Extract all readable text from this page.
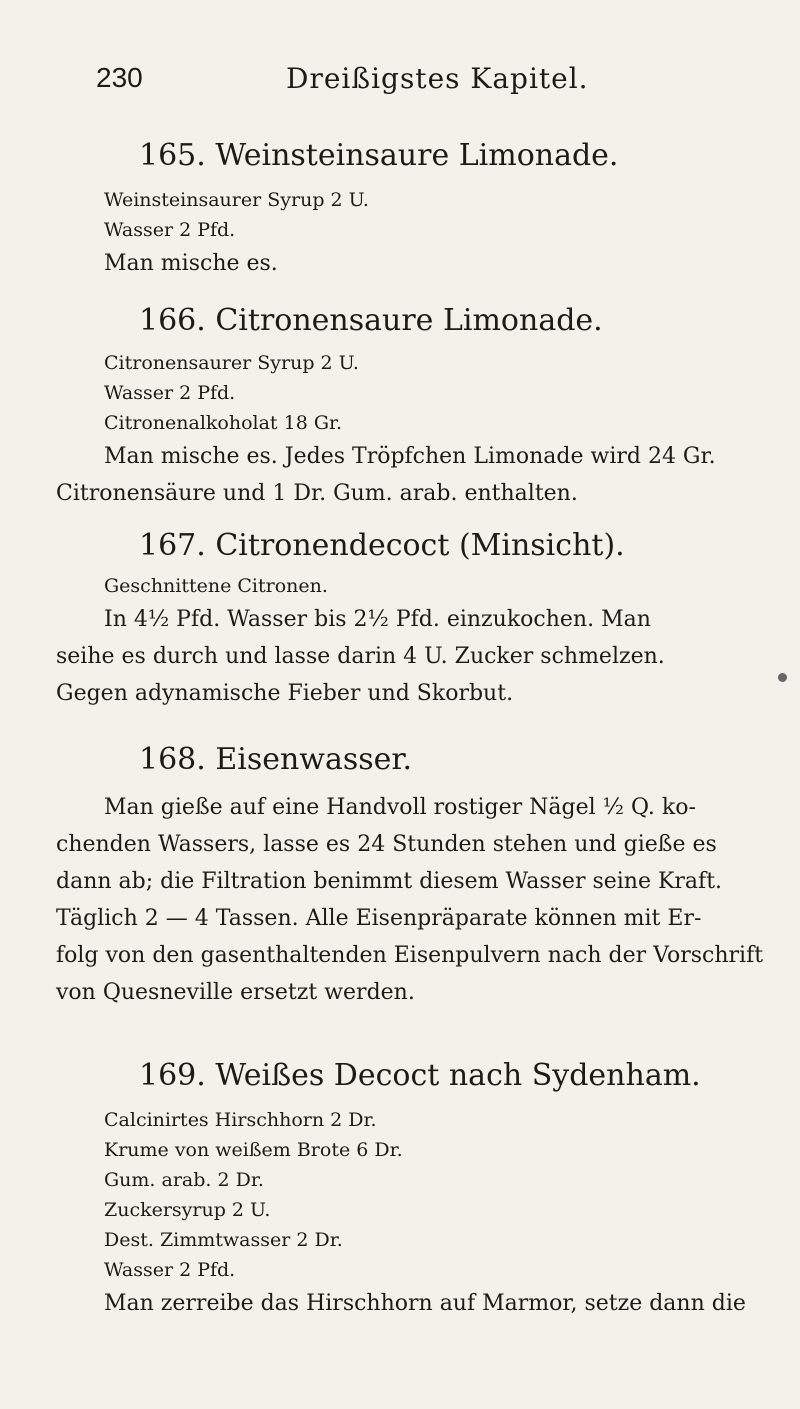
230	Dreißigstes Kapitel.
165. Weinsteinsaure Limonade.
Weinsteinsaurer Syrup 2 U.
Wasser 2 Pfd.

Man mische es.

166. Citronensaure Limonade.
Citronensaurer Syrup 2 U.
Wasser 2 Pfd.
Citronenalkoholat 18 Gr.

Man mische es. Jedes Tröpfchen Limonade wird 24 Gr.

Citronensäure und 1 Dr. Gum. arab. enthalten.

167. Citronendecoct (Minsicht).
Geschnittene Citronen.

In 4½ Pfd. Wasser bis 2½ Pfd. einzukochen. Man

seihe es durch und lasse darin 4 U. Zucker schmelzen.

Gegen adynamische Fieber und Skorbut.

168. Eisenwasser.

Man gieße auf eine Handvoll rostiger Nägel ½ Q. ko-

chenden Wassers, lasse es 24 Stunden stehen und gieße es

dann ab; die Filtration benimmt diesem Wasser seine Kraft.

Täglich 2 — 4 Tassen. Alle Eisenpräparate können mit Er-

folg von den gasenthaltenden Eisenpulvern nach der Vorschrift

von Quesneville ersetzt werden.

169. Weißes Decoct nach Sydenham.
Calcinirtes Hirschhorn 2 Dr.
Krume von weißem Brote 6 Dr.
Gum. arab. 2 Dr.
Zuckersyrup 2 U.
Dest. Zimmtwasser 2 Dr.
Wasser 2 Pfd.

Man zerreibe das Hirschhorn auf Marmor, setze dann die
